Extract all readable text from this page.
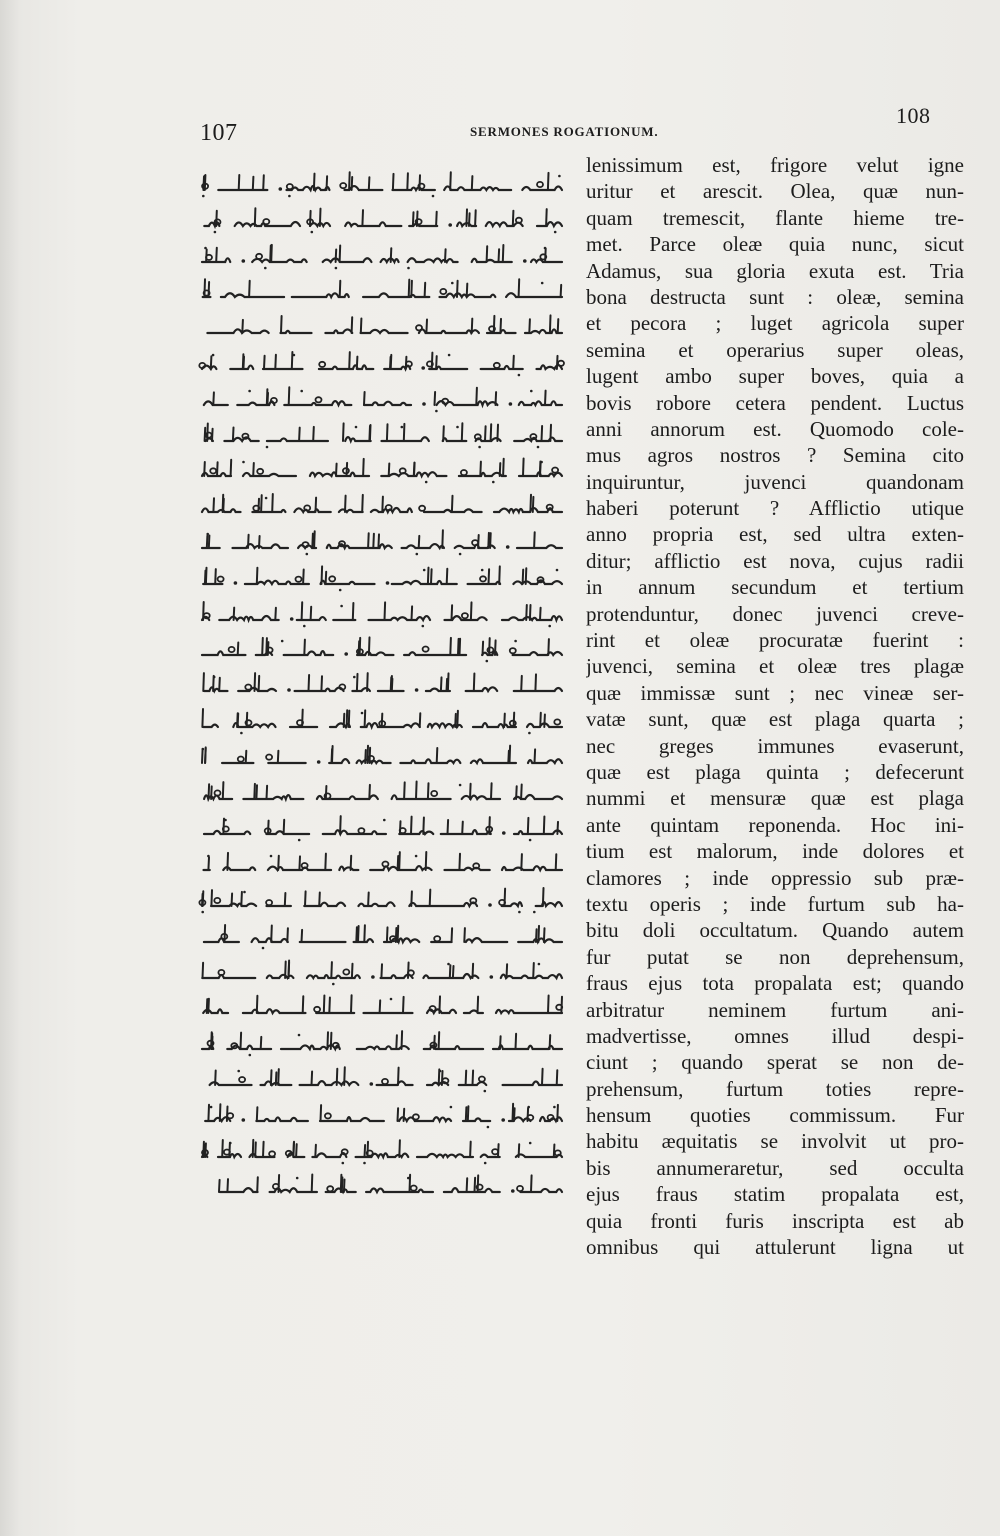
107	SERMONES ROGATIONUM.
108
lenissimum est, frigore velut igne
uritur et arescit. Olea, quæ nun-
quam tremescit, flante hieme tre-
met. Parce oleæ quia nunc, sicut
Adamus, sua gloria exuta est. Tria
bona destructa sunt : oleæ, semina
et pecora ; luget agricola super
semina et operarius super oleas,
lugent ambo super boves, quia a
bovis robore cetera pendent. Luctus
anni annorum est. Quomodo cole-
mus agros nostros ? Semina cito
inquiruntur, juvenci quandonam
haberi poterunt ? Afflictio utique
anno propria est, sed ultra exten-
ditur; afflictio est nova, cujus radii
in annum secundum et tertium
protenduntur, donec juvenci creve-
rint et oleæ procuratæ fuerint :
juvenci, semina et oleæ tres plagæ
quæ immissæ sunt ; nec vineæ ser-
vatæ sunt, quæ est plaga quarta ;
nec greges immunes evaserunt,
quæ est plaga quinta ; defecerunt
nummi et mensuræ quæ est plaga
ante quintam reponenda. Hoc ini-
tium est malorum, inde dolores et
clamores ; inde oppressio sub præ-
textu operis ; inde furtum sub ha-
bitu doli occultatum. Quando autem
fur putat se non deprehensum,
fraus ejus tota propalata est; quando
arbitratur neminem furtum ani-
madvertisse, omnes illud despi-
ciunt ; quando sperat se non de-
prehensum, furtum toties repre-
hensum quoties commissum. Fur
habitu æquitatis se involvit ut pro-
bis annumeraretur, sed occulta
ejus fraus statim propalata est,
quia fronti furis inscripta est ab
omnibus qui attulerunt ligna ut
